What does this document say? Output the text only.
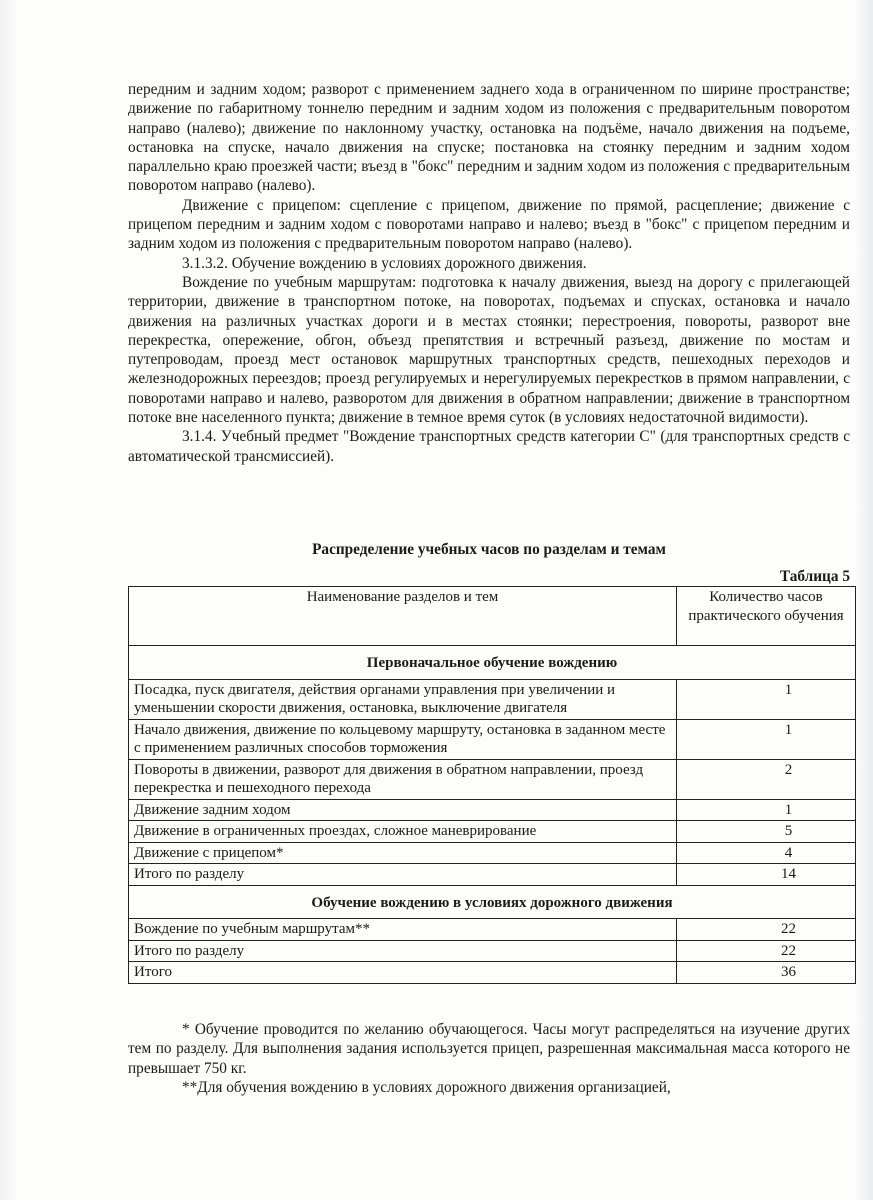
передним и задним ходом; разворот с применением заднего хода в ограниченном по ширине пространстве; движение по габаритному тоннелю передним и задним ходом из положения с предварительным поворотом направо (налево); движение по наклонному участку, остановка на подъёме, начало движения на подъеме, остановка на спуске, начало движения на спуске; постановка на стоянку передним и задним ходом параллельно краю проезжей части; въезд в "бокс" передним и задним ходом из положения с предварительным поворотом направо (налево).

Движение с прицепом: сцепление с прицепом, движение по прямой, расцепление; движение с прицепом передним и задним ходом с поворотами направо и налево; въезд в "бокс" с прицепом передним и задним ходом из положения с предварительным поворотом направо (налево).

3.1.3.2. Обучение вождению в условиях дорожного движения.

Вождение по учебным маршрутам: подготовка к началу движения, выезд на дорогу с прилегающей территории, движение в транспортном потоке, на поворотах, подъемах и спусках, остановка и начало движения на различных участках дороги и в местах стоянки; перестроения, повороты, разворот вне перекрестка, опережение, обгон, объезд препятствия и встречный разъезд, движение по мостам и путепроводам, проезд мест остановок маршрутных транспортных средств, пешеходных переходов и железнодорожных переездов; проезд регулируемых и нерегулируемых перекрестков в прямом направлении, с поворотами направо и налево, разворотом для движения в обратном направлении; движение в транспортном потоке вне населенного пункта; движение в темное время суток (в условиях недостаточной видимости).

3.1.4. Учебный предмет "Вождение транспортных средств категории C" (для транспортных средств с автоматической трансмиссией).

Распределение учебных часов по разделам и темам
Таблица 5
Наименование разделов и тем	Количество часов практического обучения
Первоначальное обучение вождению	
Посадка, пуск двигателя, действия органами управления при увеличении и уменьшении скорости движения, остановка, выключение двигателя	1
Начало движения, движение по кольцевому маршруту, остановка в заданном месте с применением различных способов торможения	1
Повороты в движении, разворот для движения в обратном направлении, проезд перекрестка и пешеходного перехода	2
Движение задним ходом	1
Движение в ограниченных проездах, сложное маневрирование	5
Движение с прицепом*	4
Итого по разделу	14
Обучение вождению в условиях дорожного движения	
Вождение по учебным маршрутам**	22
Итого по разделу	22
Итого	36

* Обучение проводится по желанию обучающегося. Часы могут распределяться на изучение других тем по разделу. Для выполнения задания используется прицеп, разрешенная максимальная масса которого не превышает 750 кг.

**Для обучения вождению в условиях дорожного движения организацией,
